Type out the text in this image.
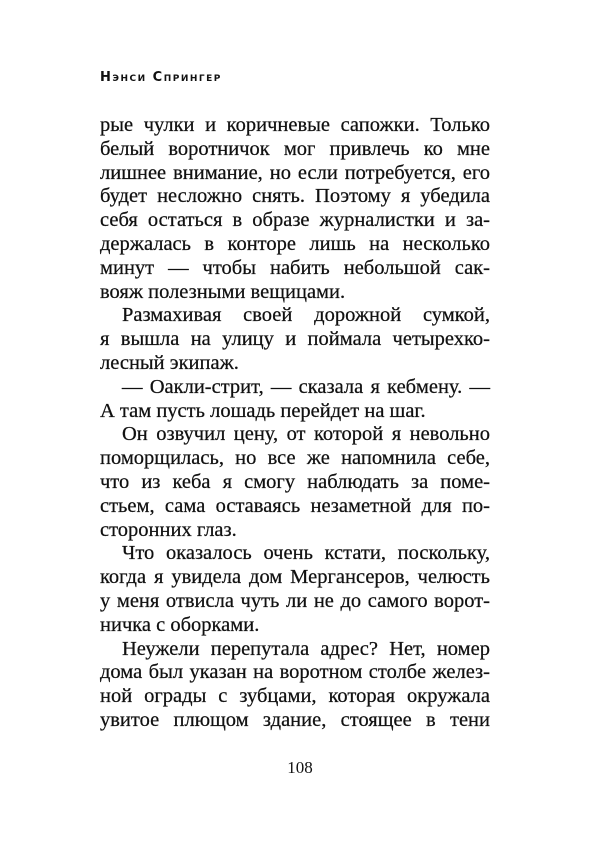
Нэнси Спрингер
рые чулки и коричневые сапожки. Только
белый воротничок мог привлечь ко мне
лишнее внимание, но если потребуется, его
будет несложно снять. Поэтому я убедила
себя остаться в образе журналистки и за-
держалась в конторе лишь на несколько
минут — чтобы набить небольшой сак-
вояж полезными вещицами.
Размахивая своей дорожной сумкой,
я вышла на улицу и поймала четырехко-
лесный экипаж.
— Оакли-стрит, — сказала я кебмену. —
А там пусть лошадь перейдет на шаг.
Он озвучил цену, от которой я невольно
поморщилась, но все же напомнила себе,
что из кеба я смогу наблюдать за поме-
стьем, сама оставаясь незаметной для по-
сторонних глаз.
Что оказалось очень кстати, поскольку,
когда я увидела дом Мергансеров, челюсть
у меня отвисла чуть ли не до самого ворот-
ничка с оборками.
Неужели перепутала адрес? Нет, номер
дома был указан на воротном столбе желез-
ной ограды с зубцами, которая окружала
увитое плющом здание, стоящее в тени
108
